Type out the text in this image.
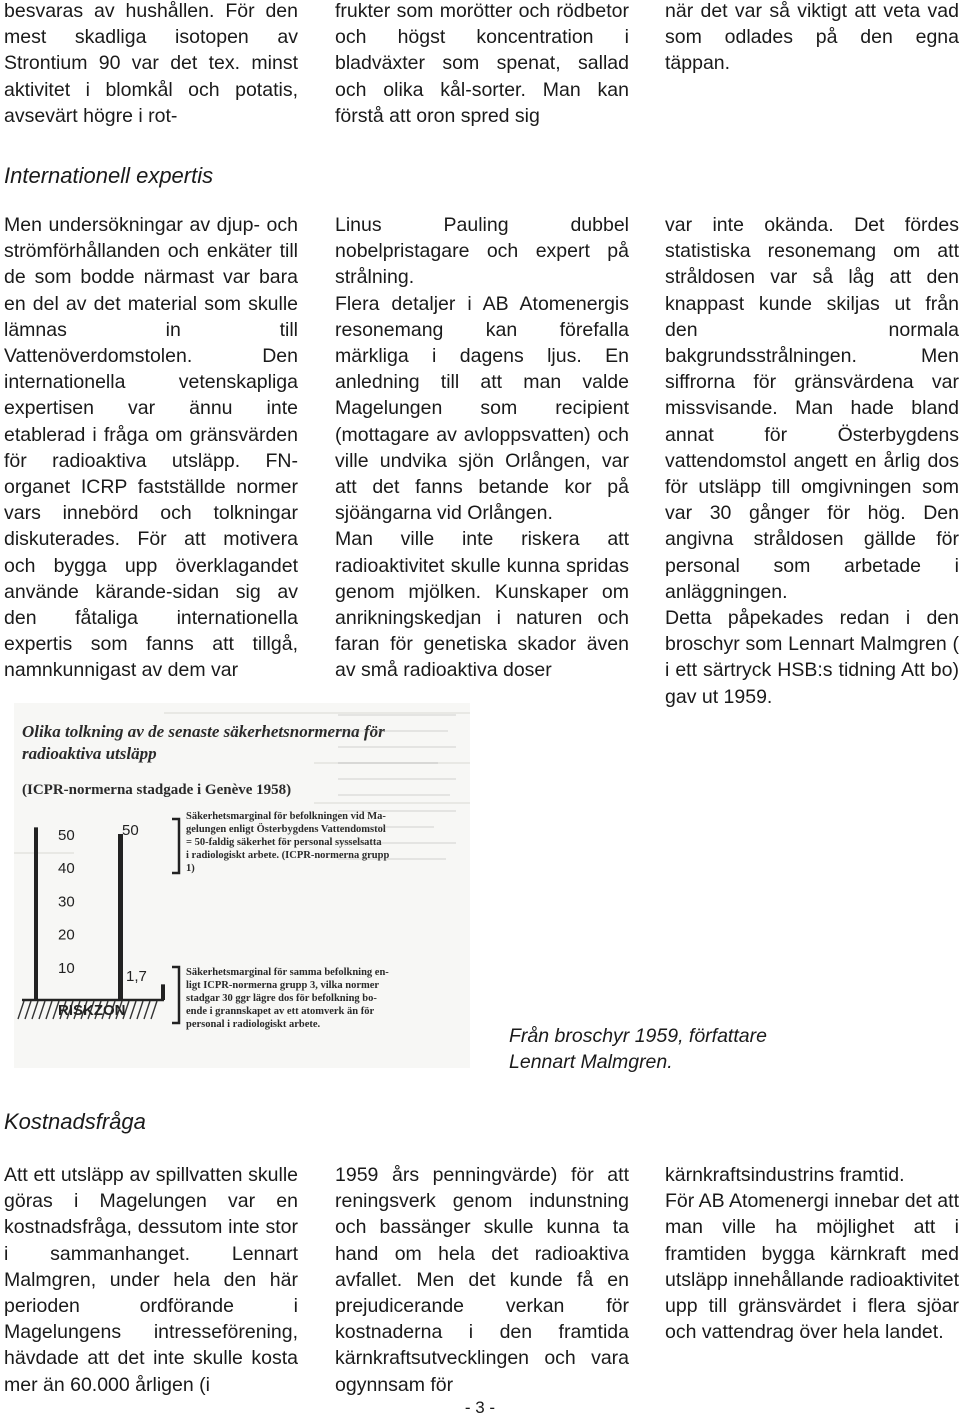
besvaras av hushållen. För den mest skadliga isotopen av Strontium 90 var det tex. minst aktivitet i blomkål och potatis, avsevärt högre i rot-

frukter som morötter och rödbetor och högst koncentration i bladväxter som spenat, sallad och olika kål-sorter. Man kan förstå att oron spred sig

när det var så viktigt att veta vad som odlades på den egna täppan.

Internationell expertis

Men undersökningar av djup- och strömförhållanden och enkäter till de som bodde närmast var bara en del av det material som skulle lämnas in till Vattenöverdomstolen. Den internationella vetenskapliga expertisen var ännu inte etablerad i fråga om gränsvärden för radioaktiva utsläpp. FN-organet ICRP fastställde normer vars innebörd och tolkningar diskuterades. För att motivera och bygga upp överklagandet använde kärande-sidan sig av den fåtaliga internationella expertis som fanns att tillgå, namnkunnigast av dem var

Linus Pauling dubbel nobelpristagare och expert på strålning.

Flera detaljer i AB Atomenergis resonemang kan förefalla märkliga i dagens ljus. En anledning till att man valde Magelungen som recipient (mottagare av avloppsvatten) och ville undvika sjön Orlången, var att det fanns betande kor på sjöängarna vid Orlången.

Man ville inte riskera att radioaktivitet skulle kunna spridas genom mjölken. Kunskaper om anrikningskedjan i naturen och faran för genetiska skador även av små radioaktiva doser

var inte okända. Det fördes statistiska resonemang om att stråldosen var så låg att den knappast kunde skiljas ut från den normala bakgrundsstrålningen. Men siffrorna för gränsvärdena var missvisande. Man hade bland annat för Österbygdens vattendomstol angett en årlig dos för utsläpp till omgivningen som var 30 gånger för hög. Den angivna stråldosen gällde för personal som arbetade i anläggningen.

Detta påpekades redan i den broschyr som Lennart Malmgren ( i ett särtryck HSB:s tidning Att bo) gav ut 1959.

Olika tolkning av de senaste säkerhetsnormerna för
radioaktiva utsläpp
(ICPR-normerna stadgade i Genève 1958)
10
20
30
40
50	50
1,7
Säkerhetsmarginal för befolkningen vid Ma-
gelungen enligt Österbygdens Vattendomstol
= 50-faldig säkerhet för personal sysselsatta
i radiologiskt arbete. (ICPR-normerna grupp
1)
Säkerhetsmarginal för samma befolkning en-
ligt ICPR-normerna grupp 3, vilka normer
stadgar 30 ggr lägre dos för befolkning bo-
ende i grannskapet av ett atomverk än för
personal i radiologiskt arbete.
RISKZON
Från broschyr 1959, författare
Lennart Malmgren.
Kostnadsfråga

Att ett utsläpp av spillvatten skulle göras i Magelungen var en kostnadsfråga, dessutom inte stor i sammanhanget. Lennart Malmgren, under hela den här perioden ordförande i Magelungens intresseförening, hävdade att det inte skulle kosta mer än 60.000 årligen (i

1959 års penningvärde) för att reningsverk genom indunstning och bassänger skulle kunna ta hand om hela det radioaktiva avfallet. Men det kunde få en prejudicerande verkan för kostnaderna i den framtida kärnkraftsutvecklingen och vara ogynnsam för

kärnkraftsindustrins framtid.

För AB Atomenergi innebar det att man ville ha möjlighet att i framtiden bygga kärnkraft med utsläpp innehållande radioaktivitet upp till gränsvärdet i flera sjöar och vattendrag över hela landet.

- 3 -
